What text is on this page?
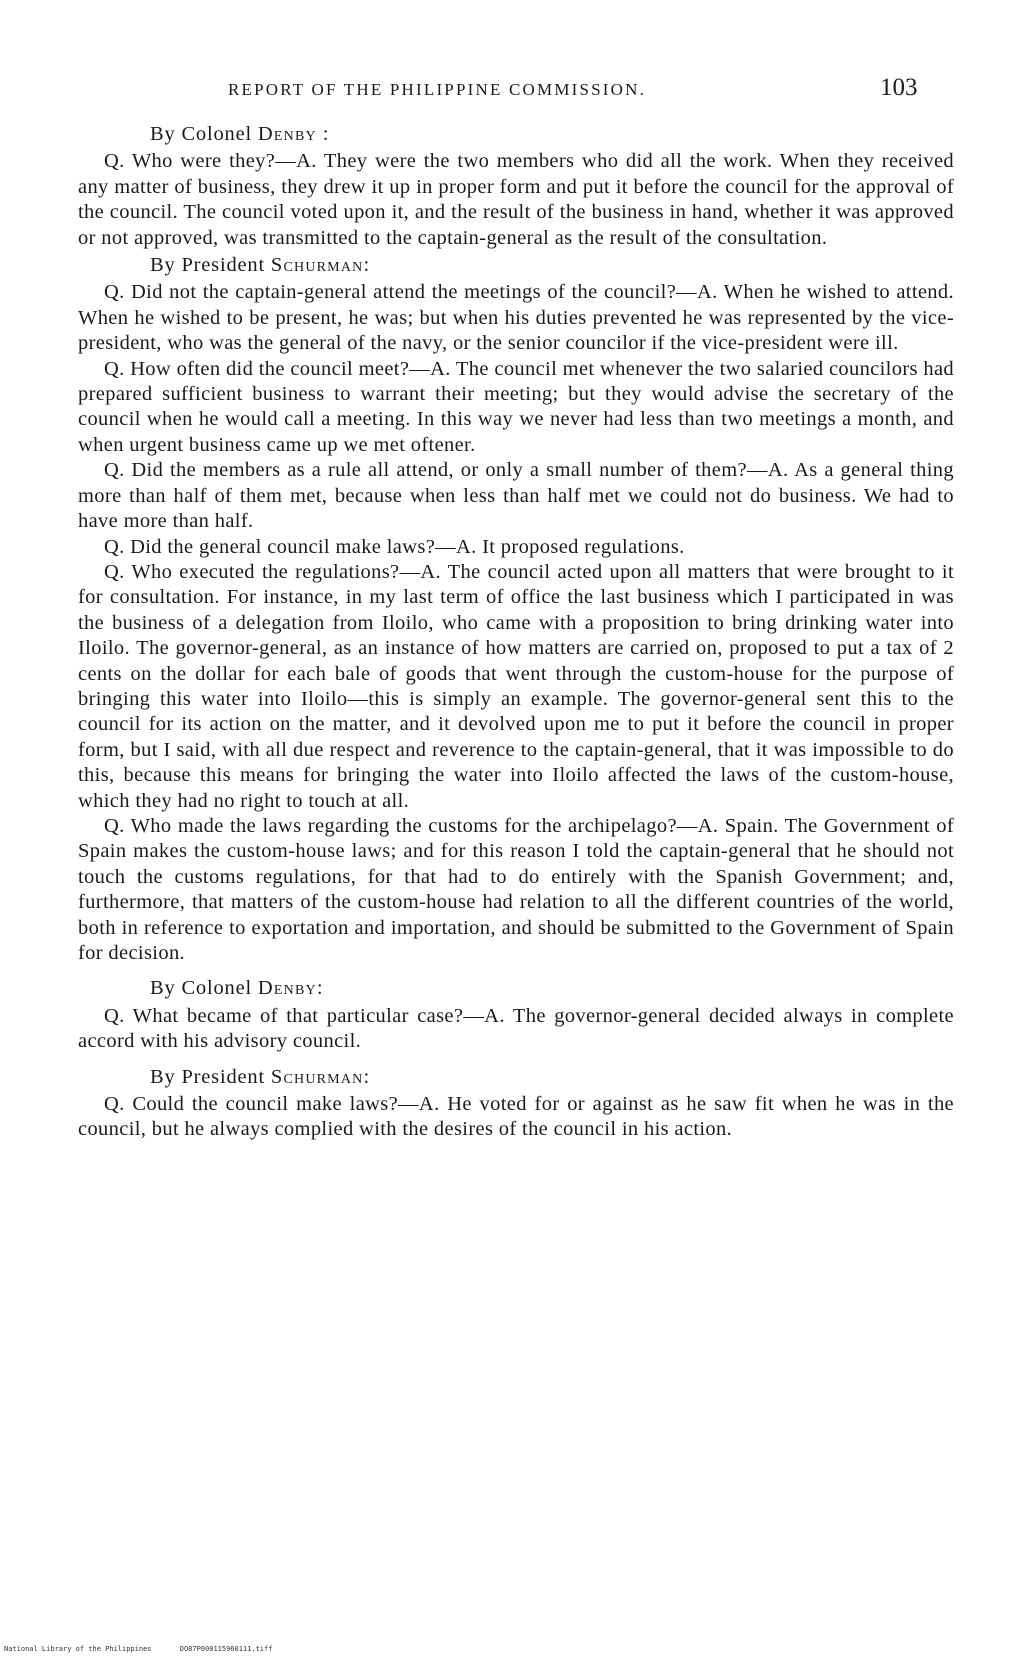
REPORT OF THE PHILIPPINE COMMISSION.	103
By Colonel Denby :

Q. Who were they?—A. They were the two members who did all the work. When they received any matter of business, they drew it up in proper form and put it before the council for the approval of the council. The council voted upon it, and the result of the business in hand, whether it was approved or not approved, was transmitted to the captain-general as the result of the consultation.

By President Schurman:

Q. Did not the captain-general attend the meetings of the council?—A. When he wished to attend. When he wished to be present, he was; but when his duties prevented he was represented by the vice-president, who was the general of the navy, or the senior councilor if the vice-president were ill.

Q. How often did the council meet?—A. The council met whenever the two salaried councilors had prepared sufficient business to warrant their meeting; but they would advise the secretary of the council when he would call a meeting. In this way we never had less than two meetings a month, and when urgent business came up we met oftener.

Q. Did the members as a rule all attend, or only a small number of them?—A. As a general thing more than half of them met, because when less than half met we could not do business. We had to have more than half.

Q. Did the general council make laws?—A. It proposed regulations.

Q. Who executed the regulations?—A. The council acted upon all matters that were brought to it for consultation. For instance, in my last term of office the last business which I participated in was the business of a delegation from Iloilo, who came with a proposition to bring drinking water into Iloilo. The governor-general, as an instance of how matters are carried on, proposed to put a tax of 2 cents on the dollar for each bale of goods that went through the custom-house for the purpose of bringing this water into Iloilo—this is simply an example. The governor-general sent this to the council for its action on the matter, and it devolved upon me to put it before the council in proper form, but I said, with all due respect and reverence to the captain-general, that it was impossible to do this, because this means for bringing the water into Iloilo affected the laws of the custom-house, which they had no right to touch at all.

Q. Who made the laws regarding the customs for the archipelago?—A. Spain. The Government of Spain makes the custom-house laws; and for this reason I told the captain-general that he should not touch the customs regulations, for that had to do entirely with the Spanish Government; and, furthermore, that matters of the custom-house had relation to all the different countries of the world, both in reference to exportation and importation, and should be submitted to the Government of Spain for decision.

By Colonel Denby:

Q. What became of that particular case?—A. The governor-general decided always in complete accord with his advisory council.

By President Schurman:

Q. Could the council make laws?—A. He voted for or against as he saw fit when he was in the council, but he always complied with the desires of the council in his action.

National Library of the Philippines	DO87P000115960111.tiff
